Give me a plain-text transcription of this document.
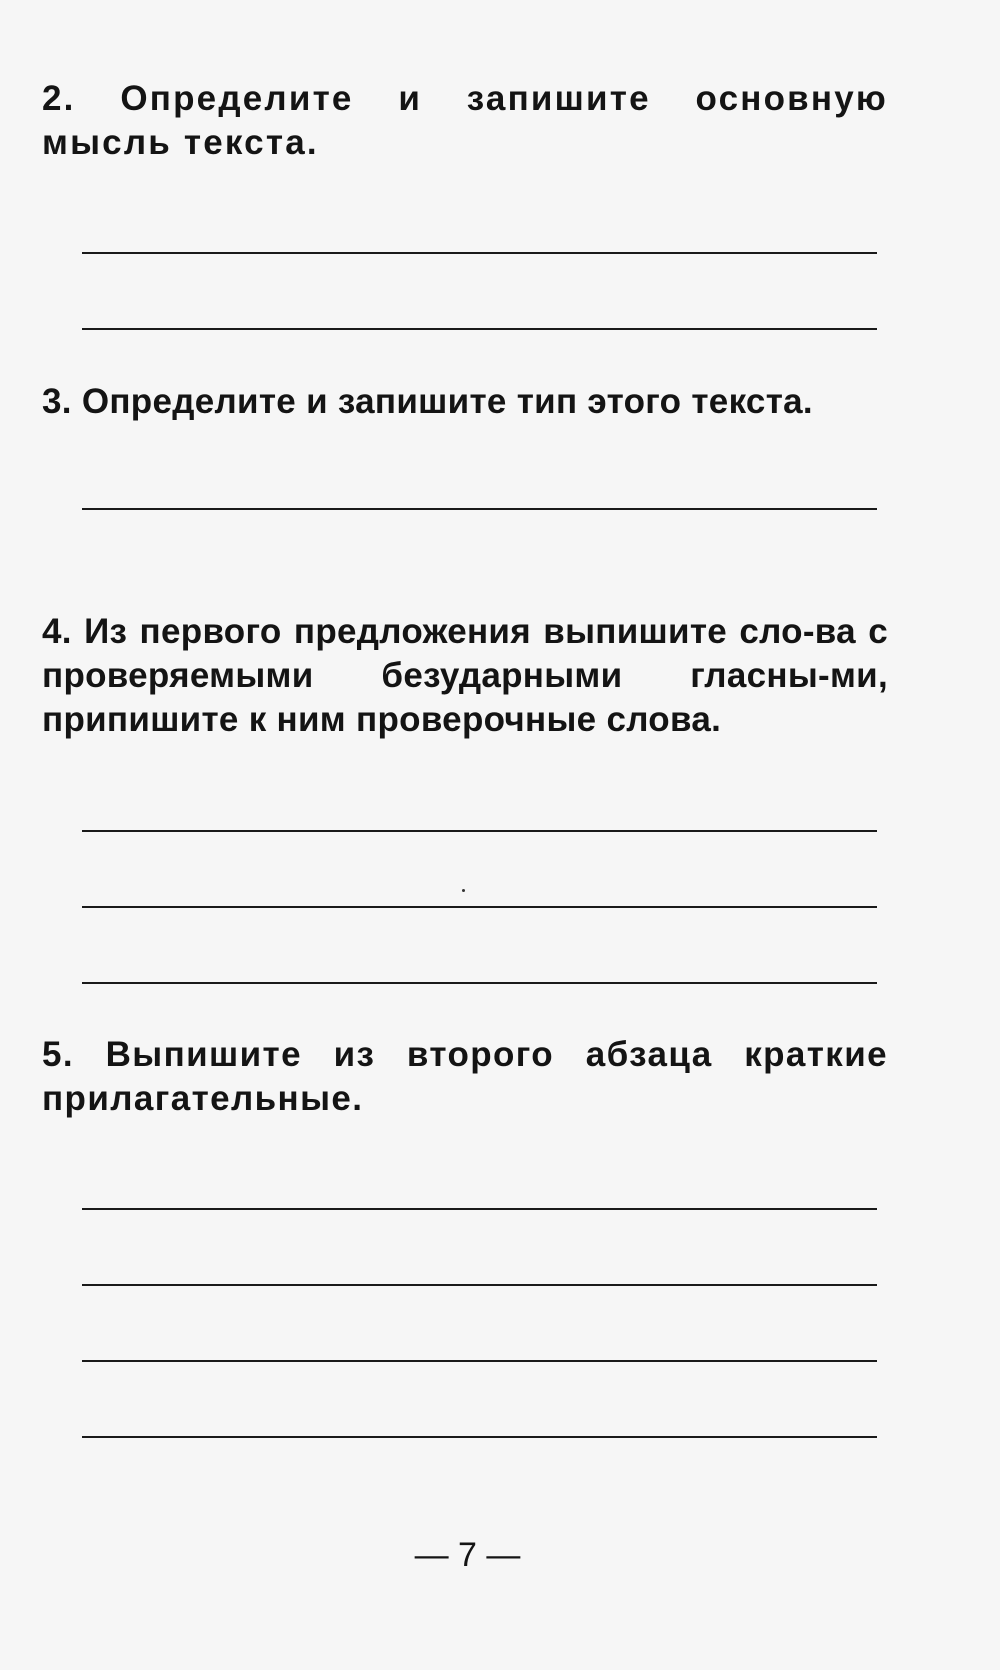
2. Определите и запишите основную мысль текста.

3. Определите и запишите тип этого текста.

4. Из первого предложения выпишите сло-ва с проверяемыми безударными гласны-ми, припишите к ним проверочные слова.

5. Выпишите из второго абзаца краткие прилагательные.

— 7 —
